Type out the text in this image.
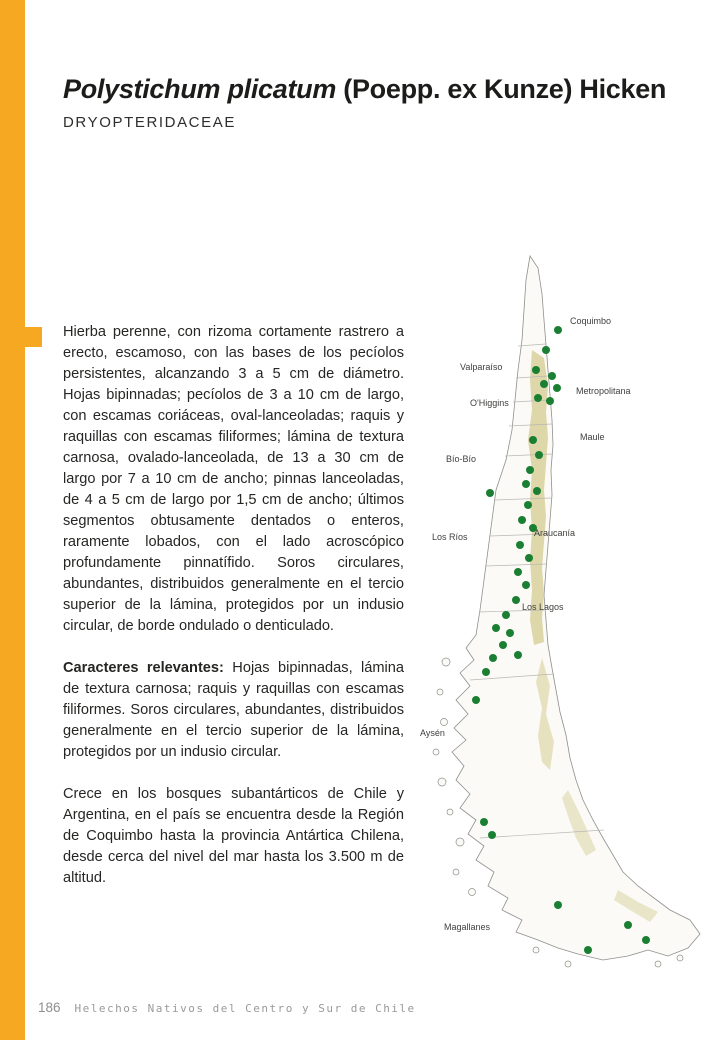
Polystichum plicatum (Poepp. ex Kunze) Hicken
DRYOPTERIDACEAE

Hierba perenne, con rizoma cortamente rastrero a erecto, escamoso, con las bases de los pecíolos persistentes, alcanzando 3 a 5 cm de diámetro. Hojas bipinnadas; pecíolos de 3 a 10 cm de largo, con escamas coriáceas, oval-lanceoladas; raquis y raquillas con escamas filiformes; lámina de textura carnosa, ovalado-lanceolada, de 13 a 30 cm de largo por 7 a 10 cm de ancho; pinnas lanceoladas, de 4 a 5 cm de largo por 1,5 cm de ancho; últimos segmentos obtusamente dentados o enteros, raramente lobados, con el lado acroscópico profundamente pinnatífido. Soros circulares, abundantes, distribuidos generalmente en el tercio superior de la lámina, protegidos por un indusio circular, de borde ondulado o denticulado.

Caracteres relevantes: Hojas bipinnadas, lámina de textura carnosa; raquis y raquillas con escamas filiformes. Soros circulares, abundantes, distribuidos generalmente en el tercio superior de la lámina, protegidos por un indusio circular.

Crece en los bosques subantárticos de Chile y Argentina, en el país se encuentra desde la Región de Coquimbo hasta la provincia Antártica Chilena, desde cerca del nivel del mar hasta los 3.500 m de altitud.

Coquimbo
Valparaíso
Metropolitana
O'Higgins
Maule
Bío-Bío
Araucanía
Los Ríos
Los Lagos
Aysén
Magallanes
186 Helechos Nativos del Centro y Sur de Chile
